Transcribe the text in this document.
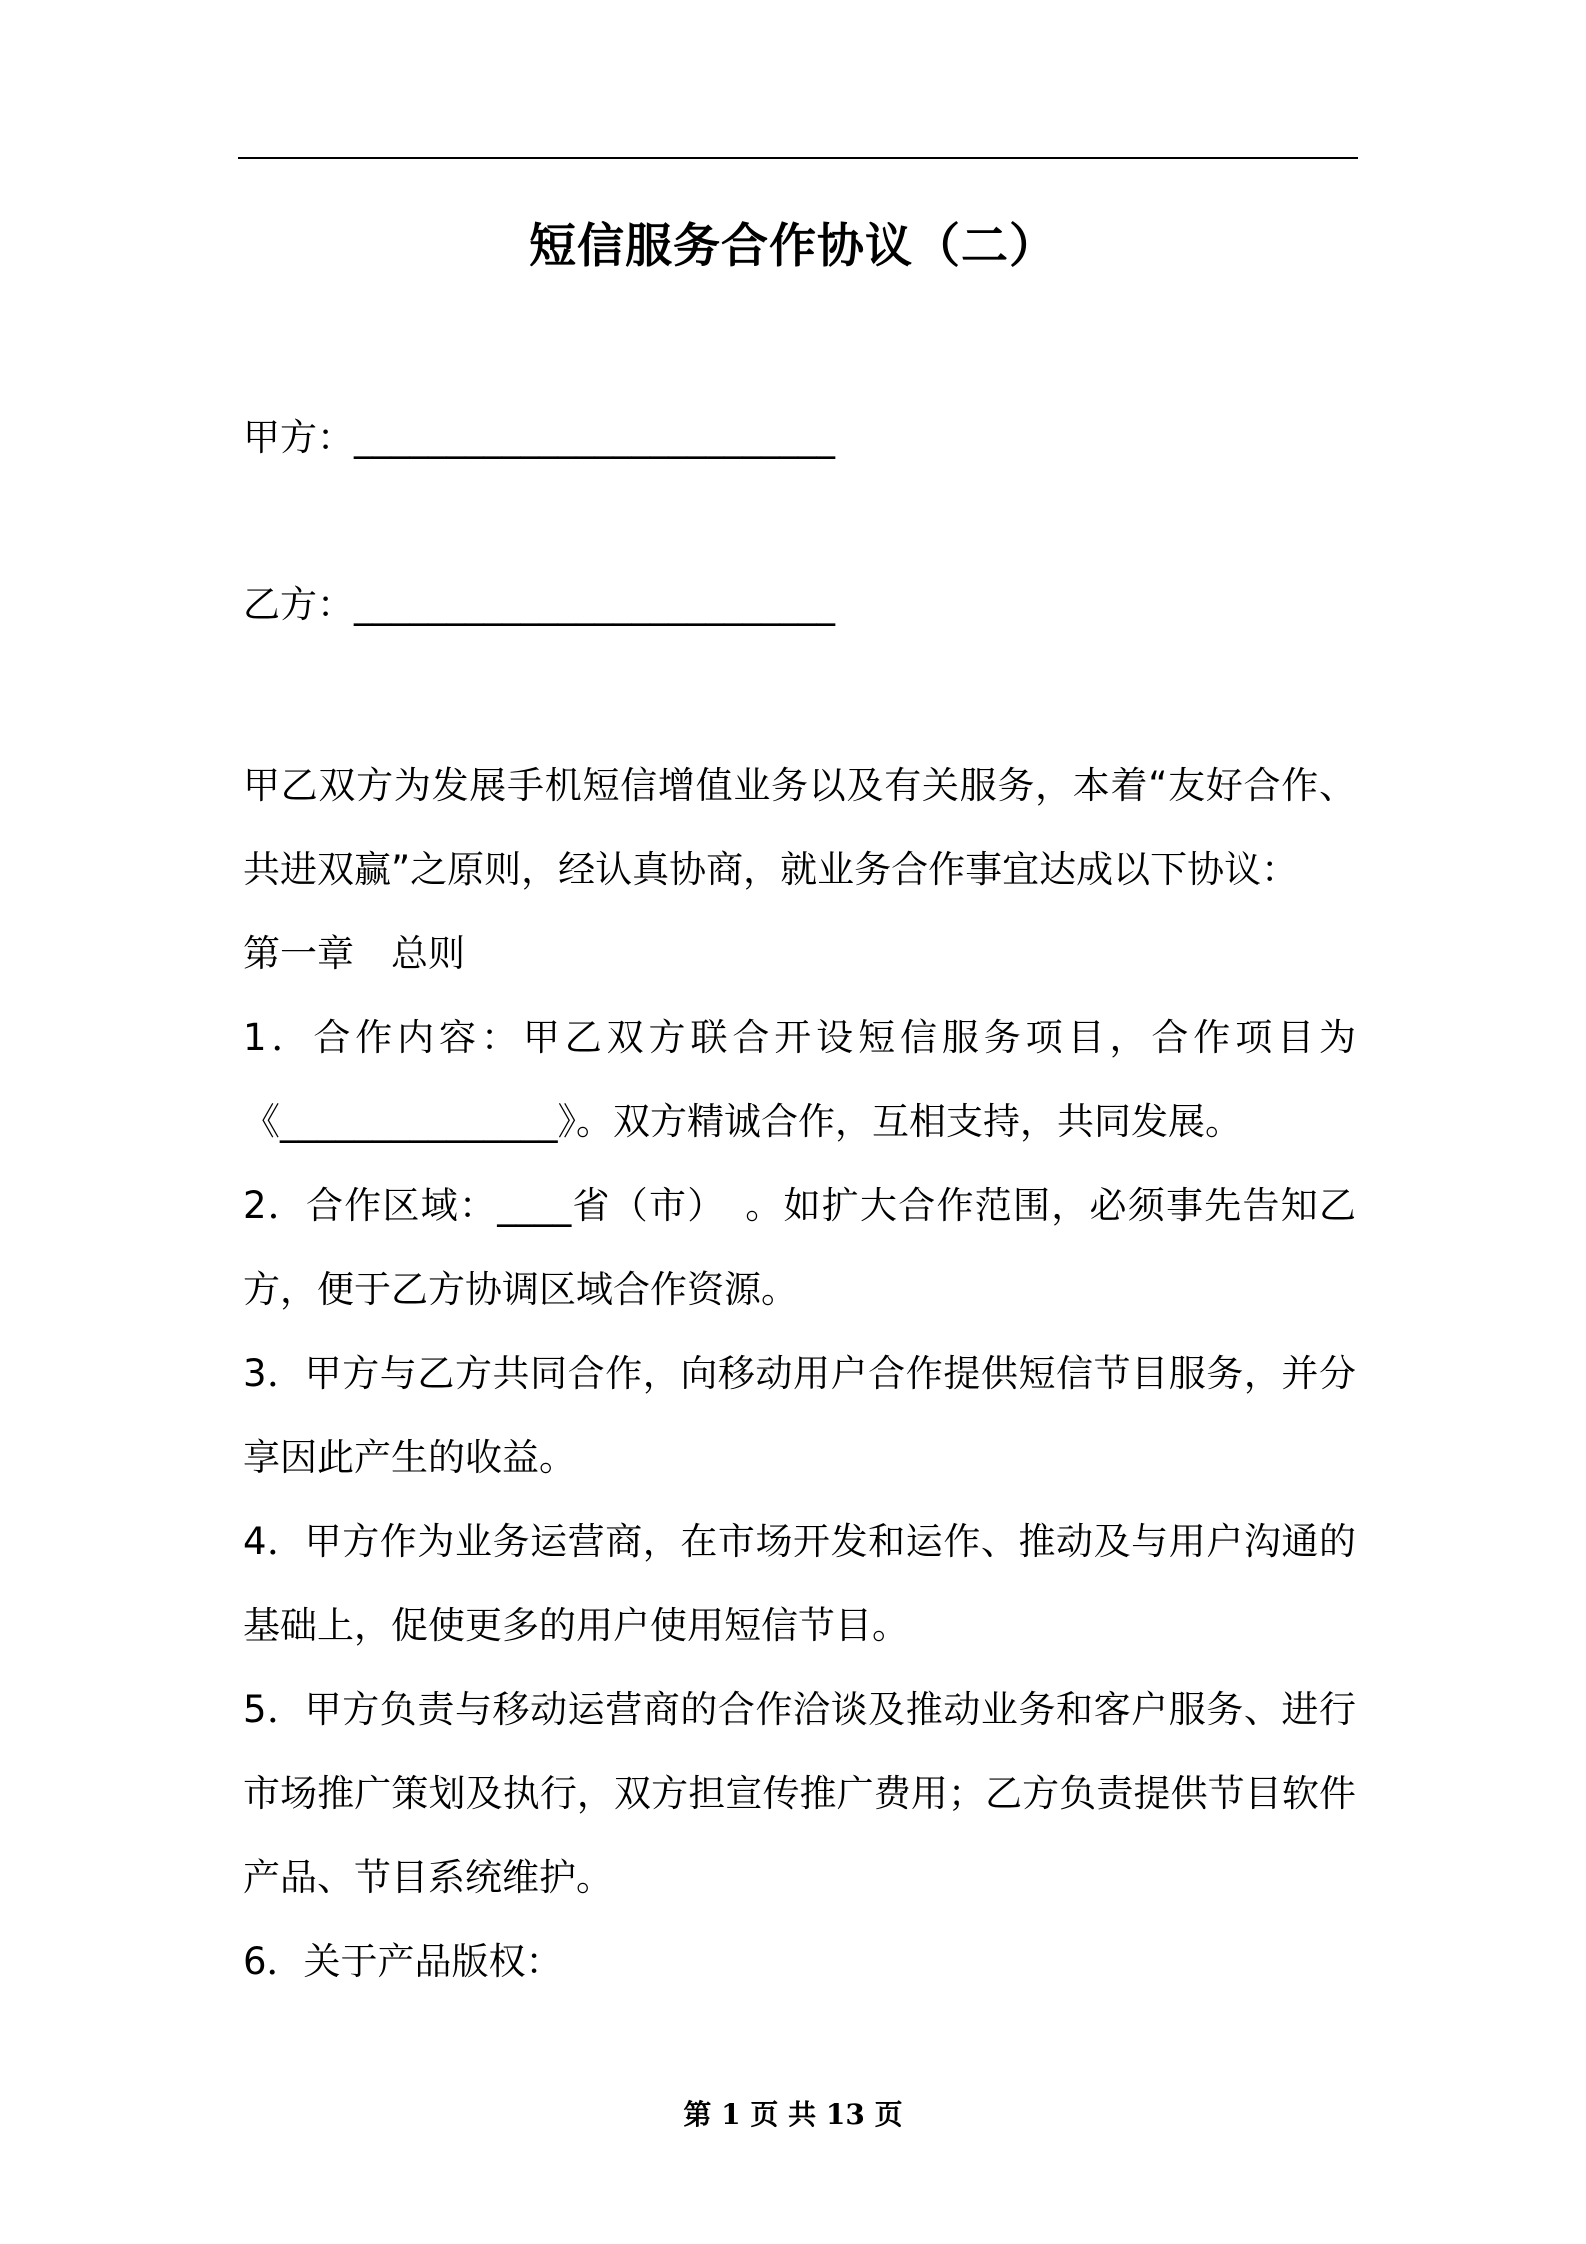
短信服务合作协议（二）
甲方：__________________________
乙方：__________________________

甲乙双方为发展手机短信增值业务以及有关服务，本着“友好合作、共进双赢”之原则，经认真协商，就业务合作事宜达成以下协议：

第一章　总则

1．合作内容：甲乙双方联合开设短信服务项目，合作项目为《_______________》。双方精诚合作，互相支持，共同发展。

2．合作区域：____省（市）　。如扩大合作范围，必须事先告知乙方，便于乙方协调区域合作资源。

3．甲方与乙方共同合作，向移动用户合作提供短信节目服务，并分享因此产生的收益。

4．甲方作为业务运营商，在市场开发和运作、推动及与用户沟通的基础上，促使更多的用户使用短信节目。

5．甲方负责与移动运营商的合作洽谈及推动业务和客户服务、进行市场推广策划及执行，双方担宣传推广费用；乙方负责提供节目软件产品、节目系统维护。

6．关于产品版权：

第 1 页 共 13 页
